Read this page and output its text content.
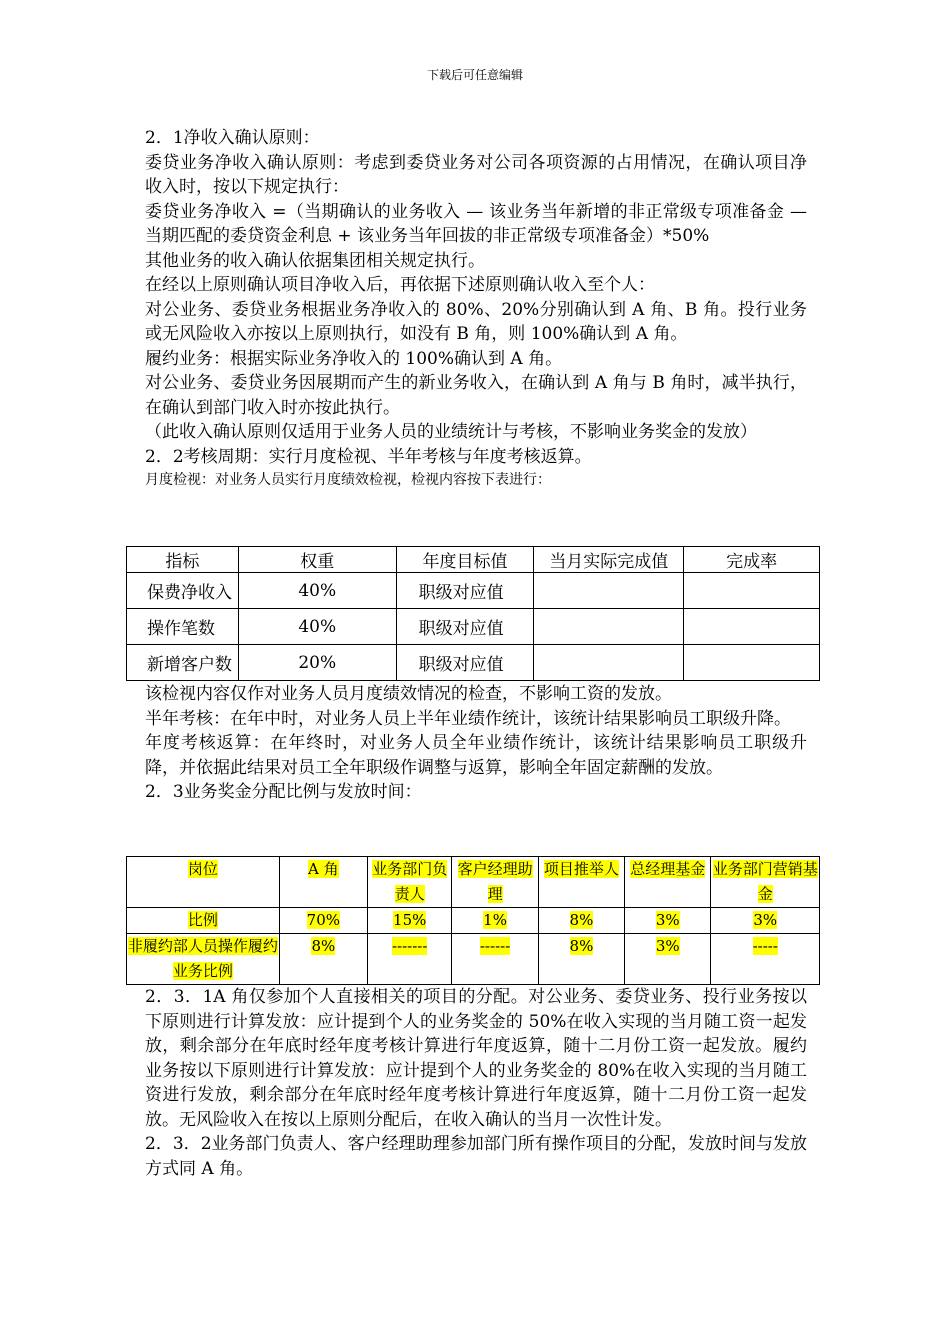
下载后可任意编辑

2．1净收入确认原则：

委贷业务净收入确认原则：考虑到委贷业务对公司各项资源的占用情况，在确认项目净收入时，按以下规定执行：

委贷业务净收入 =（当期确认的业务收入 — 该业务当年新增的非正常级专项准备金 — 当期匹配的委贷资金利息 + 该业务当年回拔的非正常级专项准备金）*50%

其他业务的收入确认依据集团相关规定执行。

在经以上原则确认项目净收入后，再依据下述原则确认收入至个人：

对公业务、委贷业务根据业务净收入的 80%、20%分别确认到 A 角、B 角。投行业务或无风险收入亦按以上原则执行，如没有 B 角，则 100%确认到 A 角。

履约业务：根据实际业务净收入的 100%确认到 A 角。

对公业务、委贷业务因展期而产生的新业务收入，在确认到 A 角与 B 角时，减半执行，在确认到部门收入时亦按此执行。

（此收入确认原则仅适用于业务人员的业绩统计与考核，不影响业务奖金的发放）

2．2考核周期：实行月度检视、半年考核与年度考核返算。

月度检视：对业务人员实行月度绩效检视，检视内容按下表进行：

指标	权重	年度目标值	当月实际完成值	完成率
保费净收入	40%	职级对应值		
操作笔数	40%	职级对应值		
新增客户数	20%	职级对应值		

该检视内容仅作对业务人员月度绩效情况的检查，不影响工资的发放。

半年考核：在年中时，对业务人员上半年业绩作统计，该统计结果影响员工职级升降。

年度考核返算：在年终时，对业务人员全年业绩作统计，该统计结果影响员工职级升降，并依据此结果对员工全年职级作调整与返算，影响全年固定薪酬的发放。

2．3业务奖金分配比例与发放时间：

岗位	A 角	业务部门负责人	客户经理助理	项目推举人	总经理基金	业务部门营销基金
比例	70%	15%	1%	8%	3%	3%
非履约部人员操作履约业务比例	8%	-------	------	8%	3%	-----

2．3．1A 角仅参加个人直接相关的项目的分配。对公业务、委贷业务、投行业务按以下原则进行计算发放：应计提到个人的业务奖金的 50%在收入实现的当月随工资一起发放，剩余部分在年底时经年度考核计算进行年度返算，随十二月份工资一起发放。履约业务按以下原则进行计算发放：应计提到个人的业务奖金的 80%在收入实现的当月随工资进行发放，剩余部分在年底时经年度考核计算进行年度返算，随十二月份工资一起发放。无风险收入在按以上原则分配后，在收入确认的当月一次性计发。

2．3．2业务部门负责人、客户经理助理参加部门所有操作项目的分配，发放时间与发放方式同 A 角。
